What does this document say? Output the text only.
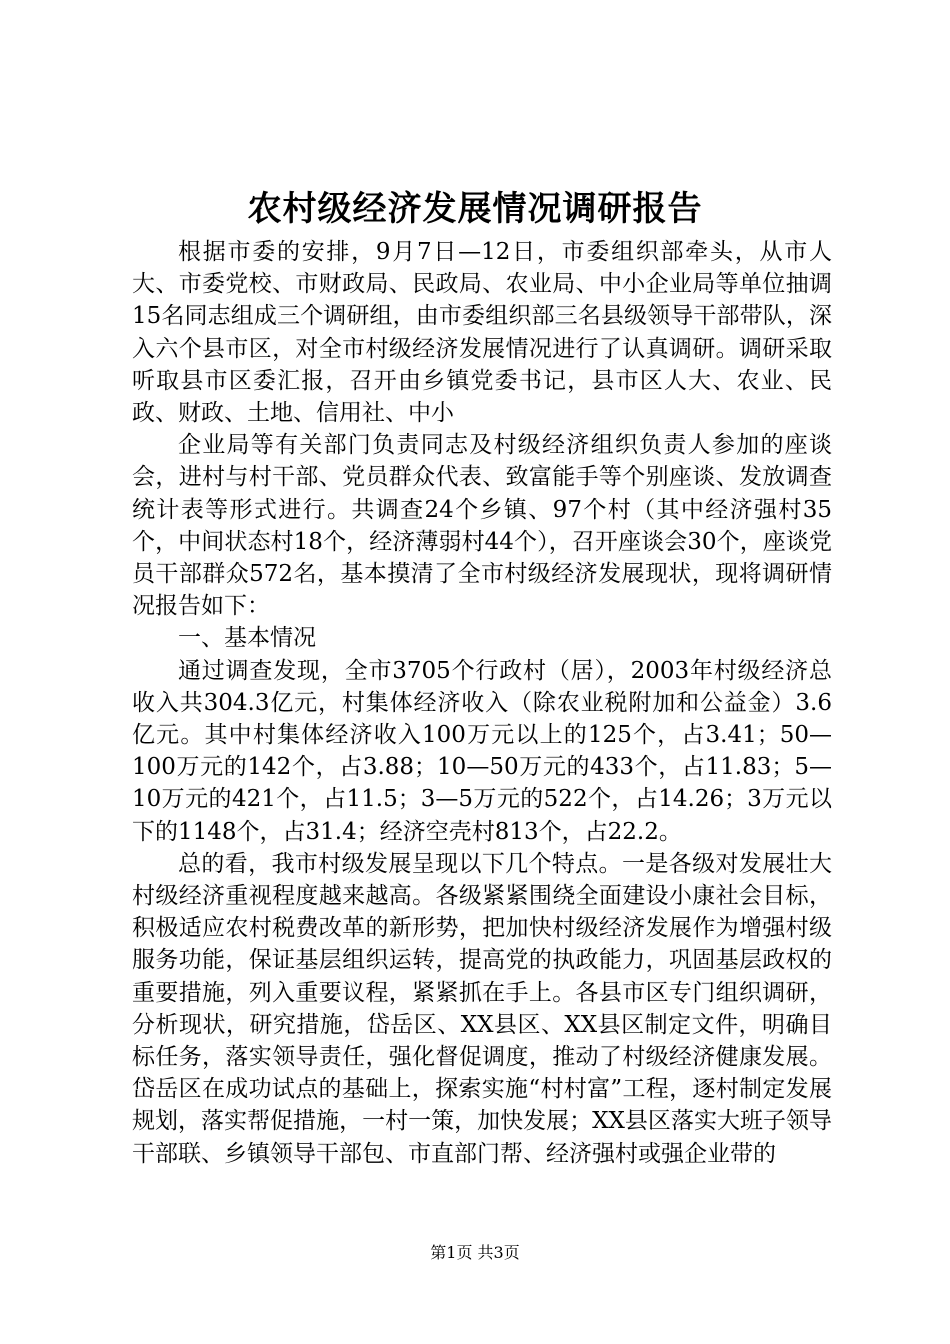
农村级经济发展情况调研报告

根据市委的安排，9月7日—12日，市委组织部牵头，从市人大、市委党校、市财政局、民政局、农业局、中小企业局等单位抽调15名同志组成三个调研组，由市委组织部三名县级领导干部带队，深入六个县市区，对全市村级经济发展情况进行了认真调研。调研采取听取县市区委汇报，召开由乡镇党委书记，县市区人大、农业、民政、财政、土地、信用社、中小

企业局等有关部门负责同志及村级经济组织负责人参加的座谈会，进村与村干部、党员群众代表、致富能手等个别座谈、发放调查统计表等形式进行。共调查24个乡镇、97个村（其中经济强村35个，中间状态村18个，经济薄弱村44个），召开座谈会30个，座谈党员干部群众572名，基本摸清了全市村级经济发展现状，现将调研情况报告如下：

一、基本情况

通过调查发现，全市3705个行政村（居），2003年村级经济总收入共304.3亿元，村集体经济收入（除农业税附加和公益金）3.6亿元。其中村集体经济收入100万元以上的125个，占3.41；50—100万元的142个，占3.88；10—50万元的433个，占11.83；5—10万元的421个，占11.5；3—5万元的522个，占14.26；3万元以下的1148个，占31.4；经济空壳村813个，占22.2。

总的看，我市村级发展呈现以下几个特点。一是各级对发展壮大村级经济重视程度越来越高。各级紧紧围绕全面建设小康社会目标，积极适应农村税费改革的新形势，把加快村级经济发展作为增强村级服务功能，保证基层组织运转，提高党的执政能力，巩固基层政权的重要措施，列入重要议程，紧紧抓在手上。各县市区专门组织调研，分析现状，研究措施，岱岳区、XX县区、XX县区制定文件，明确目标任务，落实领导责任，强化督促调度，推动了村级经济健康发展。岱岳区在成功试点的基础上，探索实施“村村富”工程，逐村制定发展规划，落实帮促措施，一村一策，加快发展；XX县区落实大班子领导干部联、乡镇领导干部包、市直部门帮、经济强村或强企业带的

第1页 共3页
